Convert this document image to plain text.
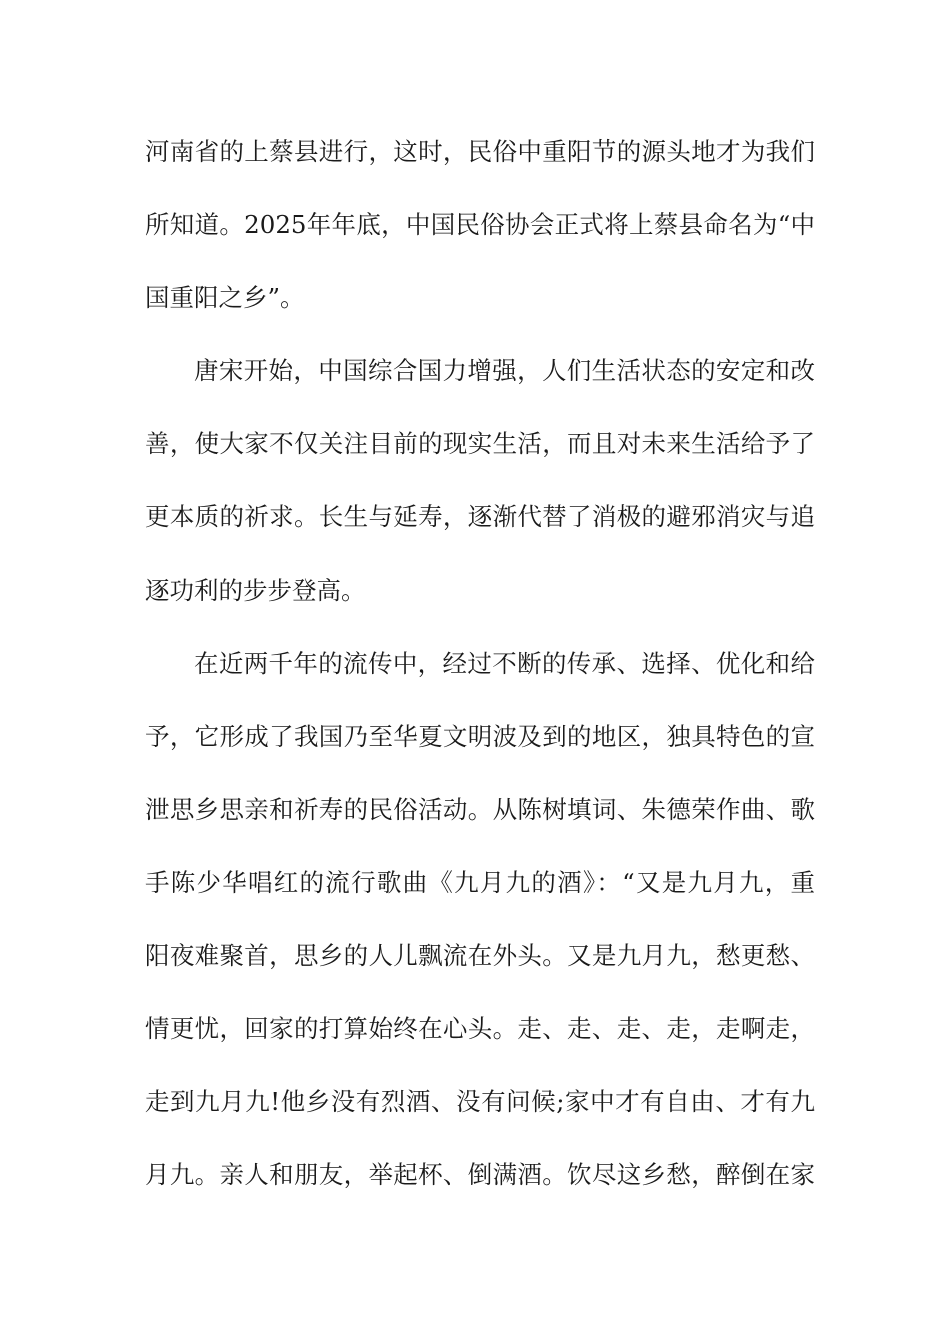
河南省的上蔡县进行，这时，民俗中重阳节的源头地才为我们
所知道。2025年年底，中国民俗协会正式将上蔡县命名为“中
国重阳之乡”。
唐宋开始，中国综合国力增强，人们生活状态的安定和改
善，使大家不仅关注目前的现实生活，而且对未来生活给予了
更本质的祈求。长生与延寿，逐渐代替了消极的避邪消灾与追
逐功利的步步登高。
在近两千年的流传中，经过不断的传承、选择、优化和给
予，它形成了我国乃至华夏文明波及到的地区，独具特色的宣
泄思乡思亲和祈寿的民俗活动。从陈树填词、朱德荣作曲、歌
手陈少华唱红的流行歌曲《九月九的酒》：“又是九月九，重
阳夜难聚首，思乡的人儿飘流在外头。又是九月九，愁更愁、
情更忧，回家的打算始终在心头。走、走、走、走，走啊走，
走到九月九!他乡没有烈酒、没有问候;家中才有自由、才有九
月九。亲人和朋友，举起杯、倒满酒。饮尽这乡愁，醉倒在家
